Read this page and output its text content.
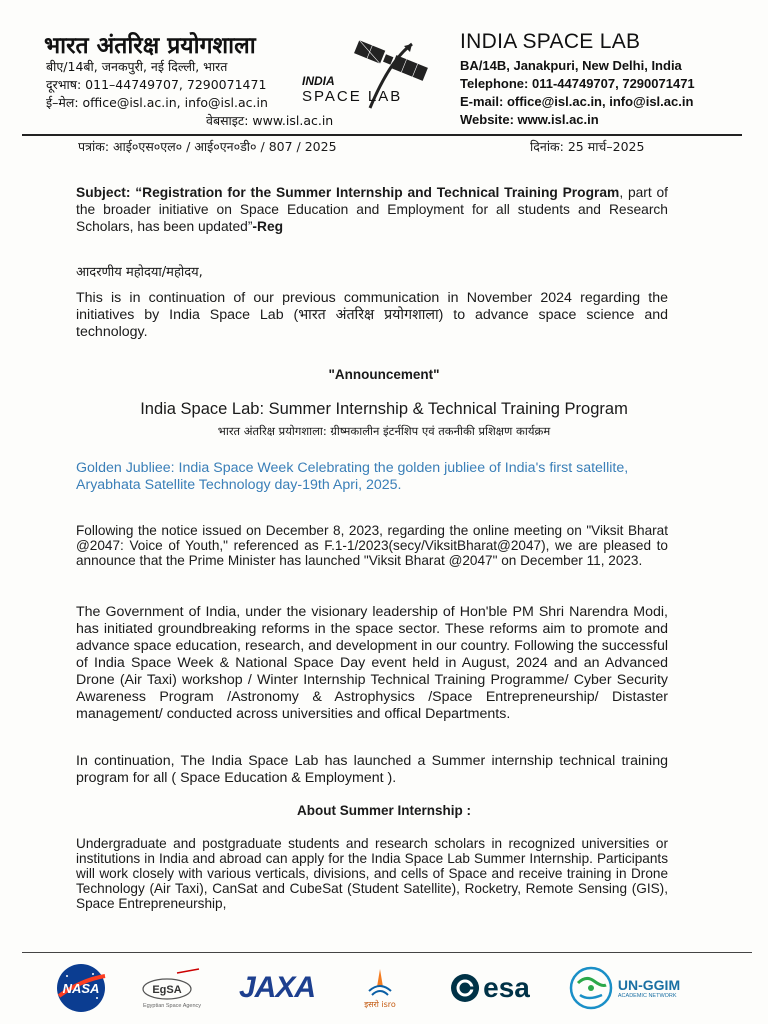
भारत अंतरिक्ष प्रयोगशाला
बीए/14बी, जनकपुरी, नई दिल्ली, भारत
दूरभाष: 011–44749707, 7290071471
ई–मेल: office@isl.ac.in, info@isl.ac.in
वेबसाइट: www.isl.ac.in
INDIA
SPACE LAB
INDIA SPACE LAB
BA/14B, Janakpuri, New Delhi, India
Telephone: 011-44749707, 7290071471
E-mail: office@isl.ac.in, info@isl.ac.in
Website: www.isl.ac.in
पत्रांक: आई०एस०एल० / आई०एन०डी० / 807 / 2025	दिनांक: 25 मार्च–2025
Subject: “Registration for the Summer Internship and Technical Training Program, part of the broader initiative on Space Education and Employment for all students and Research Scholars, has been updated”-Reg
आदरणीय महोदया/महोदय,
This is in continuation of our previous communication in November 2024 regarding the initiatives by India Space Lab (भारत अंतरिक्ष प्रयोगशाला) to advance space science and technology.
"Announcement"
India Space Lab: Summer Internship & Technical Training Program
भारत अंतरिक्ष प्रयोगशाला: ग्रीष्मकालीन इंटर्नशिप एवं तकनीकी प्रशिक्षण कार्यक्रम
Golden Jubliee: India Space Week Celebrating the golden jubliee of India's first satellite, Aryabhata Satellite Technology day-19th Apri, 2025.
Following the notice issued on December 8, 2023, regarding the online meeting on "Viksit Bharat @2047: Voice of Youth," referenced as F.1-1/2023(secy/ViksitBharat@2047), we are pleased to announce that the Prime Minister has launched "Viksit Bharat @2047" on December 11, 2023.
The Government of India, under the visionary leadership of Hon'ble PM Shri Narendra Modi, has initiated groundbreaking reforms in the space sector. These reforms aim to promote and advance space education, research, and development in our country. Following the successful of India Space Week & National Space Day event held in August, 2024 and an Advanced Drone (Air Taxi) workshop / Winter Internship Technical Training Programme/ Cyber Security Awareness Program /Astronomy & Astrophysics /Space Entrepreneurship/ Distaster management/ conducted across universities and offical Departments.
In continuation, The India Space Lab has launched a Summer internship technical training program for all ( Space Education & Employment ).
About Summer Internship :
Undergraduate and postgraduate students and research scholars in recognized universities or institutions in India and abroad can apply for the India Space Lab Summer Internship. Participants will work closely with various verticals, divisions, and cells of Space and receive training in Drone Technology (Air Taxi), CanSat and CubeSat (Student Satellite), Rocketry, Remote Sensing (GIS), Space Entrepreneurship,
NASA	EgSA
Egyptian Space Agency
JAXA	इसरो isro
esa	UN-GGIM
ACADEMIC NETWORK
